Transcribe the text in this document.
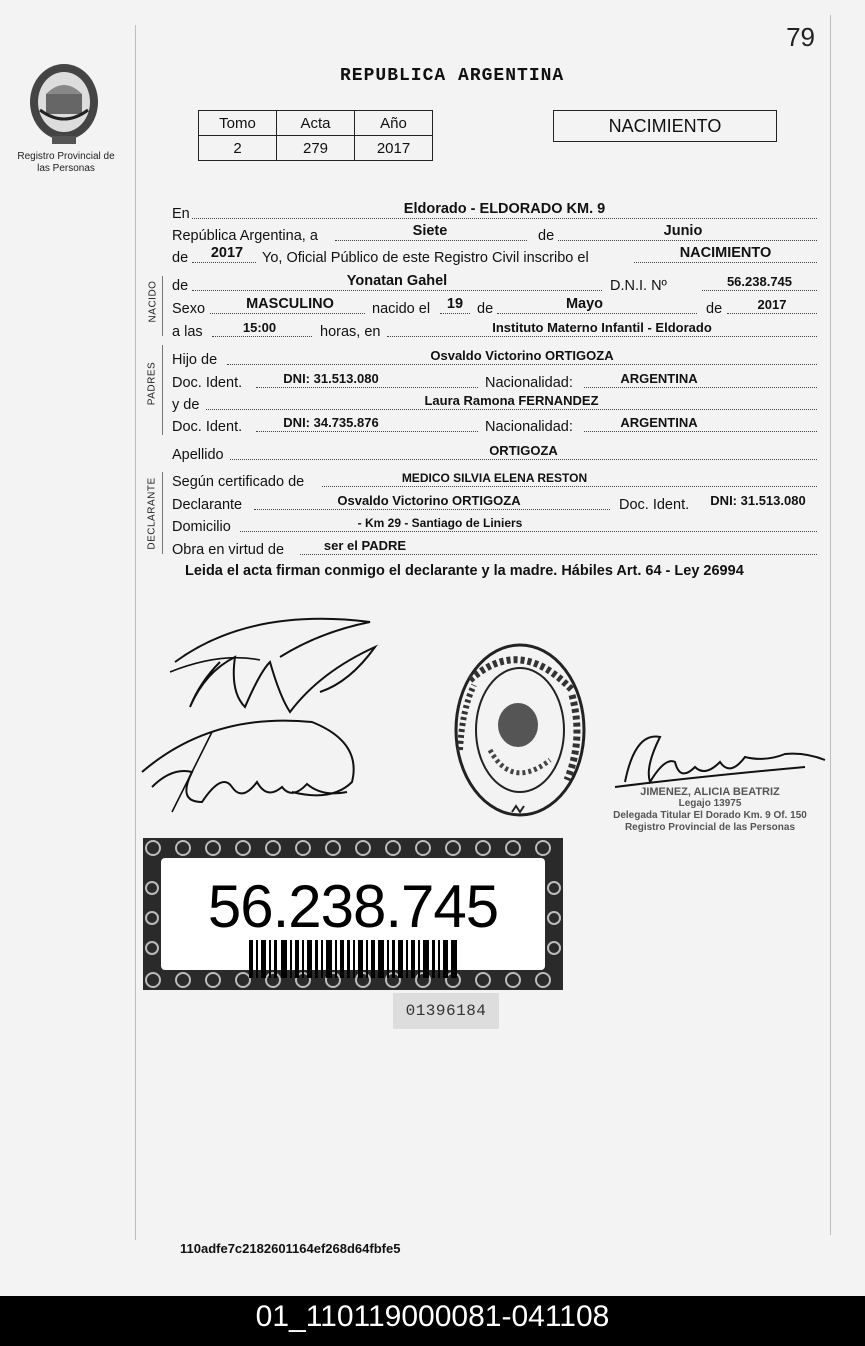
79
Registro Provincial de las Personas
REPUBLICA ARGENTINA
Tomo	Acta	Año
2	279	2017
NACIMIENTO
En	Eldorado - ELDORADO KM. 9
República Argentina, a	Siete	de	Junio
de	2017	Yo, Oficial Público de este Registro Civil inscribo el	NACIMIENTO
NACIDO de	Yonatan Gahel	D.N.I. Nº	56.238.745
Sexo	MASCULINO	nacido el	19 de	Mayo	de	2017
a las	15:00	horas, en	Instituto Materno Infantil - Eldorado
PADRES
Hijo de	Osvaldo Victorino ORTIGOZA
Doc. Ident.	DNI: 31.513.080	Nacionalidad:	ARGENTINA
y de	Laura Ramona FERNANDEZ
Doc. Ident.	DNI: 34.735.876	Nacionalidad:	ARGENTINA
Apellido	ORTIGOZA
DECLARANTE Según certificado de	MEDICO SILVIA ELENA RESTON
Declarante	Osvaldo Victorino ORTIGOZA	Doc. Ident.	DNI: 31.513.080
Domicilio	- Km 29 - Santiago de Liniers
Obra en virtud de	ser el PADRE
Leida el acta firman conmigo el declarante y la madre. Hábiles Art. 64 - Ley 26994
JIMENEZ, ALICIA BEATRIZ
Legajo 13975
Delegada Titular El Dorado Km. 9 Of. 150
Registro Provincial de las Personas
56.238.745
01396184
110adfe7c2182601164ef268d64fbfe5
01_110119000081-041108
